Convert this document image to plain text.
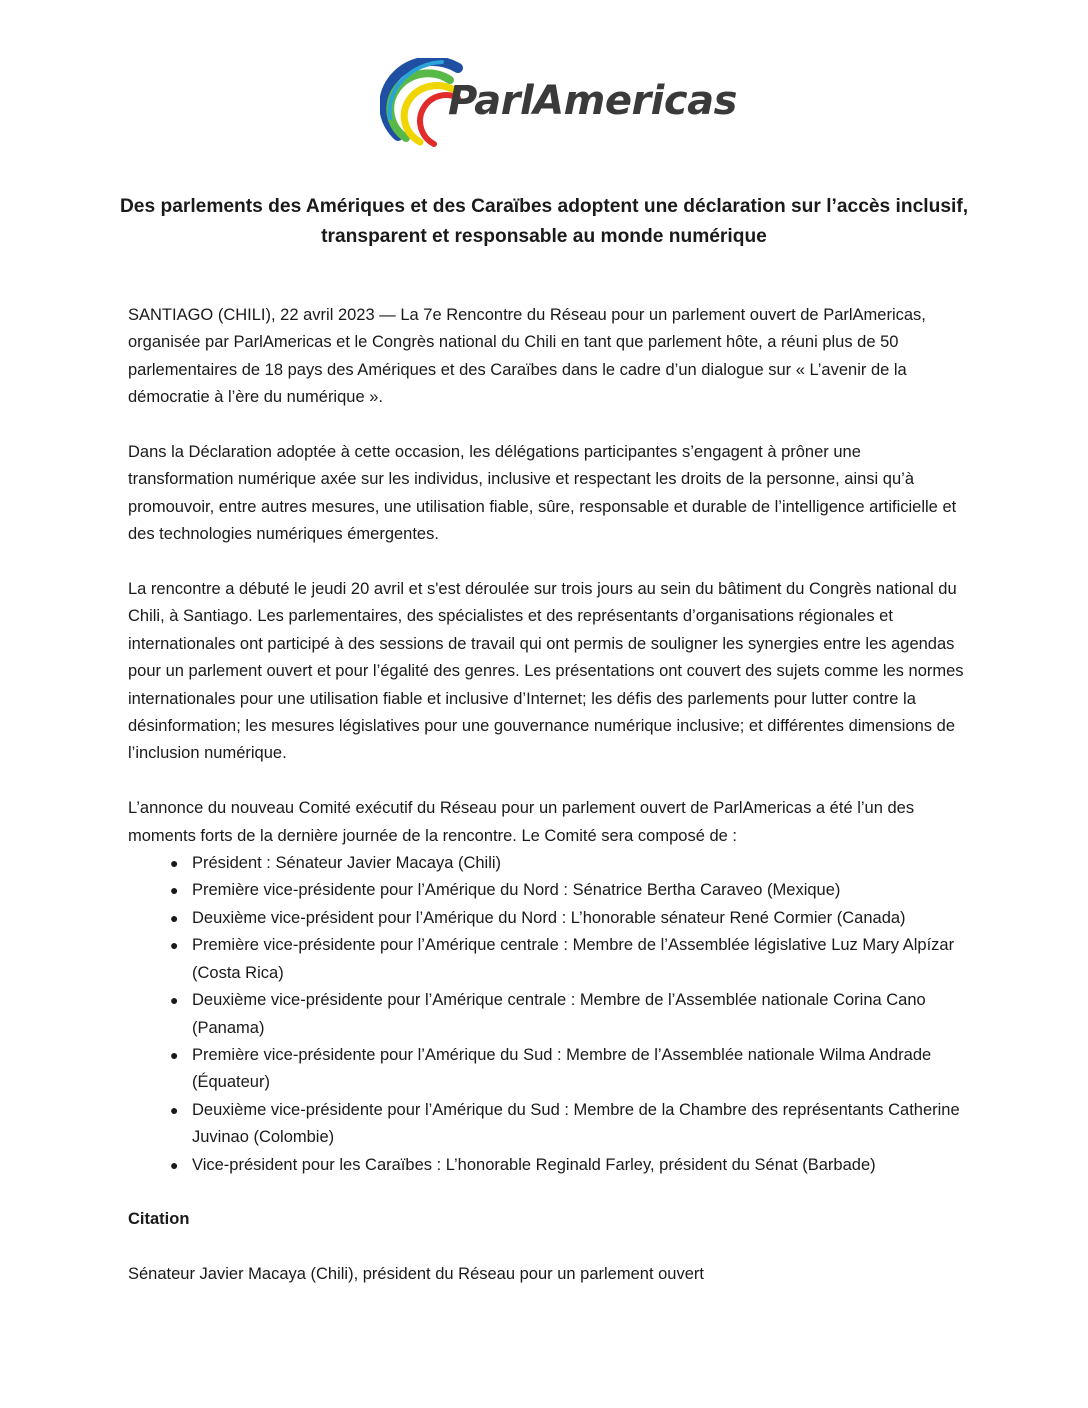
ParlAmericas
Des parlements des Amériques et des Caraïbes adoptent une déclaration sur l’accès inclusif, transparent et responsable au monde numérique

SANTIAGO (CHILI), 22 avril 2023 — La 7e Rencontre du Réseau pour un parlement ouvert de ParlAmericas, organisée par ParlAmericas et le Congrès national du Chili en tant que parlement hôte, a réuni plus de 50 parlementaires de 18 pays des Amériques et des Caraïbes dans le cadre d’un dialogue sur « L’avenir de la démocratie à l’ère du numérique ».

Dans la Déclaration adoptée à cette occasion, les délégations participantes s’engagent à prôner une transformation numérique axée sur les individus, inclusive et respectant les droits de la personne, ainsi qu’à promouvoir, entre autres mesures, une utilisation fiable, sûre, responsable et durable de l’intelligence artificielle et des technologies numériques émergentes.

La rencontre a débuté le jeudi 20 avril et s'est déroulée sur trois jours au sein du bâtiment du Congrès national du Chili, à Santiago. Les parlementaires, des spécialistes et des représentants d’organisations régionales et internationales ont participé à des sessions de travail qui ont permis de souligner les synergies entre les agendas pour un parlement ouvert et pour l’égalité des genres. Les présentations ont couvert des sujets comme les normes internationales pour une utilisation fiable et inclusive d’Internet; les défis des parlements pour lutter contre la désinformation; les mesures législatives pour une gouvernance numérique inclusive; et différentes dimensions de l’inclusion numérique.

L’annonce du nouveau Comité exécutif du Réseau pour un parlement ouvert de ParlAmericas a été l’un des moments forts de la dernière journée de la rencontre. Le Comité sera composé de :

● Président : Sénateur Javier Macaya (Chili)
● Première vice-présidente pour l’Amérique du Nord : Sénatrice Bertha Caraveo (Mexique)
● Deuxième vice-président pour l’Amérique du Nord : L’honorable sénateur René Cormier (Canada)
● Première vice-présidente pour l’Amérique centrale : Membre de l’Assemblée législative Luz Mary Alpízar (Costa Rica)
● Deuxième vice-présidente pour l’Amérique centrale : Membre de l’Assemblée nationale Corina Cano (Panama)
● Première vice-présidente pour l’Amérique du Sud : Membre de l’Assemblée nationale Wilma Andrade (Équateur)
● Deuxième vice-présidente pour l’Amérique du Sud : Membre de la Chambre des représentants Catherine Juvinao (Colombie)
● Vice-président pour les Caraïbes : L’honorable Reginald Farley, président du Sénat (Barbade)

Citation

Sénateur Javier Macaya (Chili), président du Réseau pour un parlement ouvert
